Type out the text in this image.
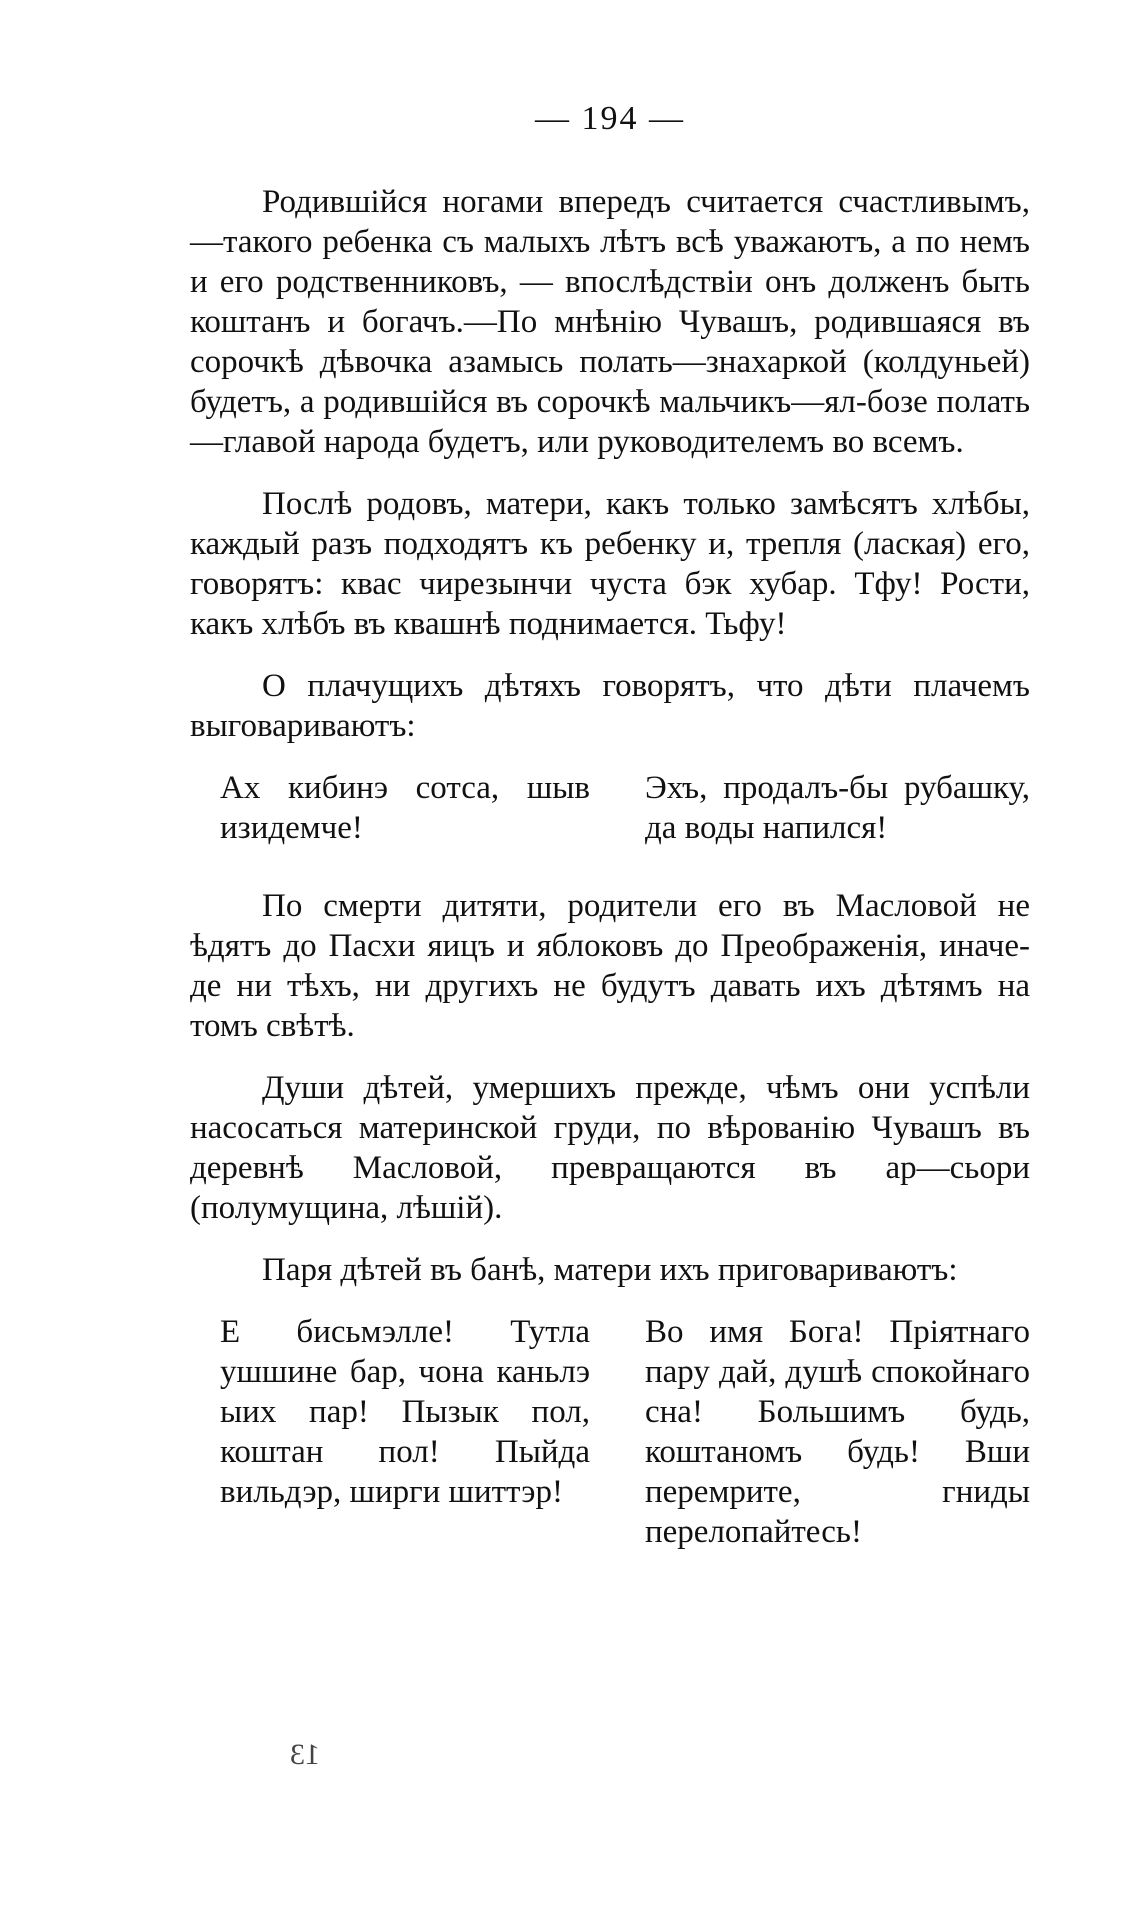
— 194 —

Родившійся ногами впередъ считается счастливымъ,—такого ребенка съ малыхъ лѣтъ всѣ уважаютъ, а по немъ и его родственниковъ, — впослѣдствіи онъ долженъ быть коштанъ и богачъ.—По мнѣнію Чувашъ, родившаяся въ сорочкѣ дѣвочка азамысь полать—знахаркой (колдуньей) будетъ, а родившійся въ сорочкѣ мальчикъ—ял-бозе полать—главой народа будетъ, или руководителемъ во всемъ.

Послѣ родовъ, матери, какъ только замѣсятъ хлѣбы, каждый разъ подходятъ къ ребенку и, трепля (лаская) его, говорятъ: квас чирезынчи чуста бэк хубар. Тфу! Рости, какъ хлѣбъ въ квашнѣ поднимается. Тьфу!

О плачущихъ дѣтяхъ говорятъ, что дѣти плачемъ выговариваютъ:

Ах кибинэ сотса, шыв изидемче!
Эхъ, продалъ-бы рубашку, да воды напился!

По смерти дитяти, родители его въ Масловой не ѣдятъ до Пасхи яицъ и яблоковъ до Преображенія, иначе-де ни тѣхъ, ни другихъ не будутъ давать ихъ дѣтямъ на томъ свѣтѣ.

Души дѣтей, умершихъ прежде, чѣмъ они успѣли насосаться материнской груди, по вѣрованію Чувашъ въ деревнѣ Масловой, превращаются въ ар—сьори (полумущина, лѣшій).

Паря дѣтей въ банѣ, матери ихъ приговариваютъ:

Е бисьмэлле! Тутла ушшине бар, чона каньлэ ыих пар! Пызык пол, коштан пол! Пыйда вильдэр, ширги шиттэр!
Во имя Бога! Пріятнаго пару дай, душѣ спокойнаго сна! Большимъ будь, коштаномъ будь! Вши перемрите, гниды перелопайтесь!
13
